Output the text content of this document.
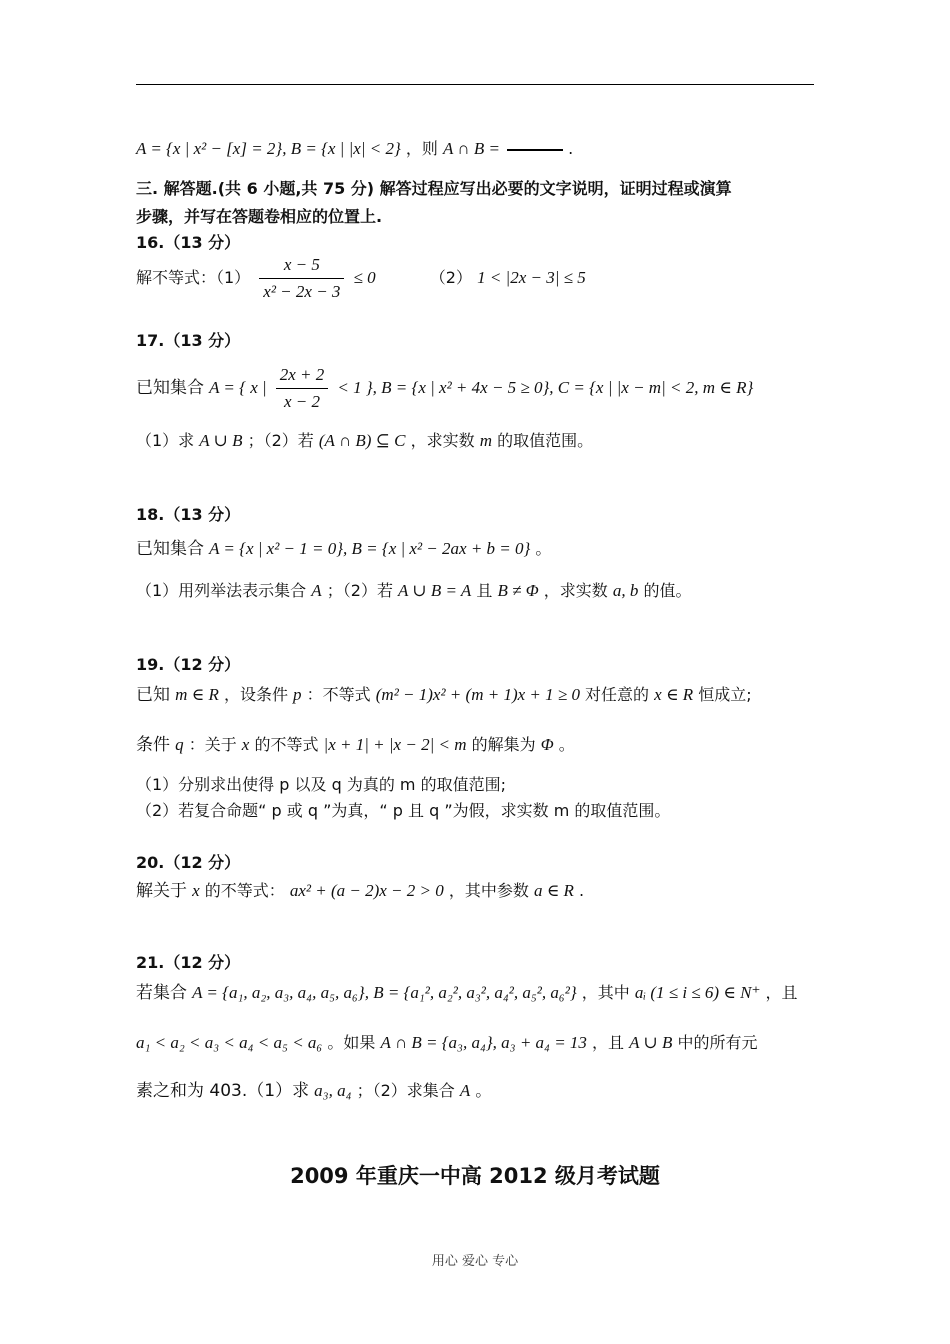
A = {x | x² − [x] = 2}, B = {x | |x| < 2} ，则 A ∩ B =	.
三. 解答题.(共 6 小题,共 75 分) 解答过程应写出必要的文字说明，证明过程或演算
步骤，并写在答题卷相应的位置上.
16.（13 分）
解不等式：$(1) \frac{x - 5}{\text{x² − 2x − 3}} \le 0$	（2） 1 < |2x − 3| ≤ 5
17.（13 分）
已知集合 A = { x | $\frac{2x + 2}{x - 2} < 1$ }, B = {x | x² + 4x − 5 ≥ 0}, C = {x | |x − m| < 2, m ∈ R}
（1）求 A ∪ B ；（2）若 (A ∩ B) ⊆ C ，求实数 m 的取值范围。
18.（13 分）
已知集合 A = {x | x² − 1 = 0}, B = {x | x² − 2ax + b = 0} 。
（1）用列举法表示集合 A ；（2）若 A ∪ B = A 且 B ≠ Φ ，求实数 a, b 的值。
19.（12 分）
已知 m ∈ R ，设条件 p ：不等式 (m² − 1)x² + (m + 1)x + 1 ≥ 0 对任意的 x ∈ R 恒成立;
条件 q ：关于 x 的不等式 |x + 1| + |x − 2| < m 的解集为 Φ 。
（1）分别求出使得 p 以及 q 为真的 m 的取值范围;
（2）若复合命题“ p 或 q ”为真，“ p 且 q ”为假，求实数 m 的取值范围。
20.（12 分）
解关于 x 的不等式： ax² + (a − 2)x − 2 > 0 ，其中参数 a ∈ R .
21.（12 分）
若集合 A = {a₁, a₂, a₃, a₄, a₅, a₆}, B = {a₁², a₂², a₃², a₄², a₅², a₆²} ，其中 aᵢ (1 ≤ i ≤ 6) ∈ N⁺ ，且
a₁ < a₂ < a₃ < a₄ < a₅ < a₆ 。如果 A ∩ B = {a₃, a₄}, a₃ + a₄ = 13 ，且 A ∪ B 中的所有元
素之和为 403.（1）求 a₃, a₄ ；（2）求集合 A 。
2009 年重庆一中高 2012 级月考试题
用心 爱心 专心
